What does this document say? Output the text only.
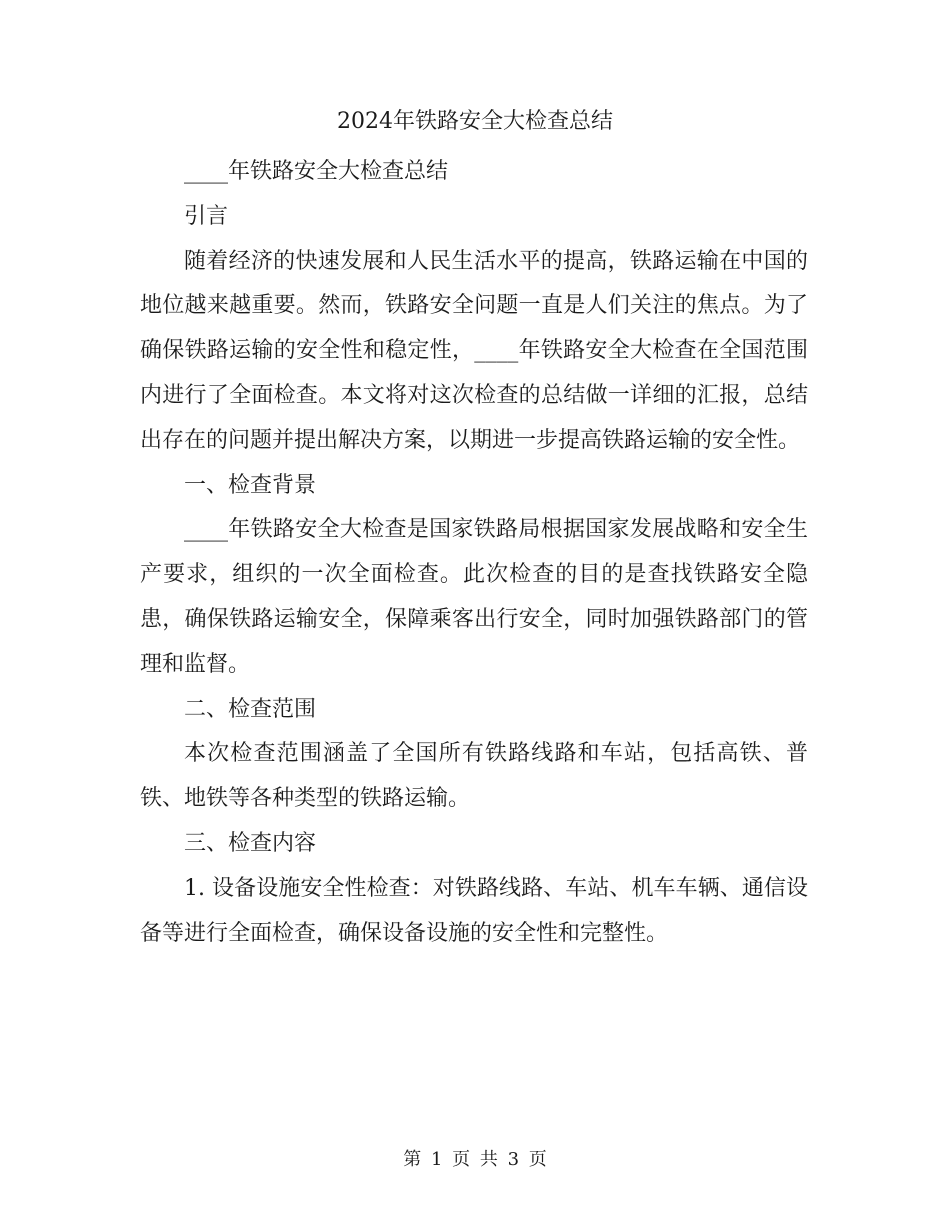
2024年铁路安全大检查总结

____年铁路安全大检查总结

引言

随着经济的快速发展和人民生活水平的提高，铁路运输在中国的地位越来越重要。然而，铁路安全问题一直是人们关注的焦点。为了确保铁路运输的安全性和稳定性，____年铁路安全大检查在全国范围内进行了全面检查。本文将对这次检查的总结做一详细的汇报，总结出存在的问题并提出解决方案，以期进一步提高铁路运输的安全性。

一、检查背景

____年铁路安全大检查是国家铁路局根据国家发展战略和安全生产要求，组织的一次全面检查。此次检查的目的是查找铁路安全隐患，确保铁路运输安全，保障乘客出行安全，同时加强铁路部门的管理和监督。

二、检查范围

本次检查范围涵盖了全国所有铁路线路和车站，包括高铁、普铁、地铁等各种类型的铁路运输。

三、检查内容

1. 设备设施安全性检查：对铁路线路、车站、机车车辆、通信设备等进行全面检查，确保设备设施的安全性和完整性。

第 1 页 共 3 页
